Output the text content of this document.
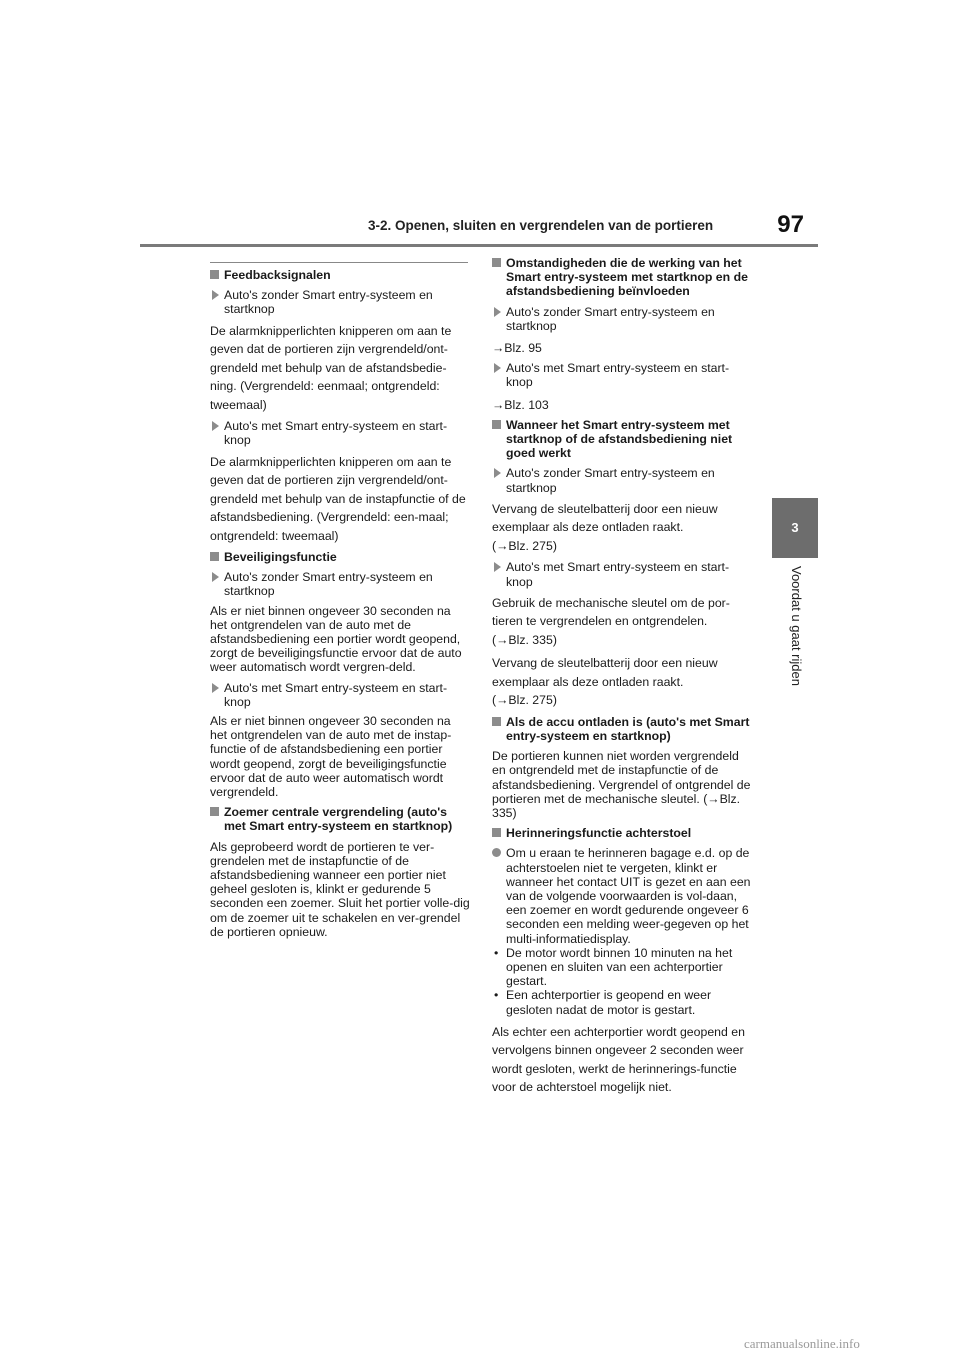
3-2. Openen, sluiten en vergrendelen van de portieren	97
3
Voordat u gaat rijden
Feedbacksignalen
Auto's zonder Smart entry-systeem en startknop
De alarmknipperlichten knipperen om aan te geven dat de portieren zijn vergrendeld/ont-grendeld met behulp van de afstandsbedie-ning. (Vergrendeld: eenmaal; ontgrendeld: tweemaal)
Auto's met Smart entry-systeem en start-knop
De alarmknipperlichten knipperen om aan te geven dat de portieren zijn vergrendeld/ont-grendeld met behulp van de instapfunctie of de afstandsbediening. (Vergrendeld: een-maal; ontgrendeld: tweemaal)
Beveiligingsfunctie
Auto's zonder Smart entry-systeem en startknop
Als er niet binnen ongeveer 30 seconden na het ontgrendelen van de auto met de afstandsbediening een portier wordt geopend, zorgt de beveiligingsfunctie ervoor dat de auto weer automatisch wordt vergren-deld.
Auto's met Smart entry-systeem en start-knop
Als er niet binnen ongeveer 30 seconden na het ontgrendelen van de auto met de instap-functie of de afstandsbediening een portier wordt geopend, zorgt de beveiligingsfunctie ervoor dat de auto weer automatisch wordt vergrendeld.
Zoemer centrale vergrendeling (auto's met Smart entry-systeem en startknop)
Als geprobeerd wordt de portieren te ver-grendelen met de instapfunctie of de afstandsbediening wanneer een portier niet geheel gesloten is, klinkt er gedurende 5 seconden een zoemer. Sluit het portier volle-dig om de zoemer uit te schakelen en ver-grendel de portieren opnieuw.
Omstandigheden die de werking van het Smart entry-systeem met startknop en de afstandsbediening beïnvloeden
Auto's zonder Smart entry-systeem en startknop
→Blz. 95
Auto's met Smart entry-systeem en start-knop
→Blz. 103
Wanneer het Smart entry-systeem met startknop of de afstandsbediening niet goed werkt
Auto's zonder Smart entry-systeem en startknop
Vervang de sleutelbatterij door een nieuw exemplaar als deze ontladen raakt.
(→Blz. 275)
Auto's met Smart entry-systeem en start-knop
Gebruik de mechanische sleutel om de por-tieren te vergrendelen en ontgrendelen.
(→Blz. 335)
Vervang de sleutelbatterij door een nieuw exemplaar als deze ontladen raakt.
(→Blz. 275)
Als de accu ontladen is (auto's met Smart entry-systeem en startknop)
De portieren kunnen niet worden vergrendeld en ontgrendeld met de instapfunctie of de afstandsbediening. Vergrendel of ontgrendel de portieren met de mechanische sleutel. (→Blz. 335)
Herinneringsfunctie achterstoel
Om u eraan te herinneren bagage e.d. op de achterstoelen niet te vergeten, klinkt er wanneer het contact UIT is gezet en aan een van de volgende voorwaarden is vol-daan, een zoemer en wordt gedurende ongeveer 6 seconden een melding weer-gegeven op het multi-informatiedisplay.
• De motor wordt binnen 10 minuten na het openen en sluiten van een achterportier gestart.
• Een achterportier is geopend en weer gesloten nadat de motor is gestart.
Als echter een achterportier wordt geopend en vervolgens binnen ongeveer 2 seconden weer wordt gesloten, werkt de herinnerings-functie voor de achterstoel mogelijk niet.
carmanualsonline.info
